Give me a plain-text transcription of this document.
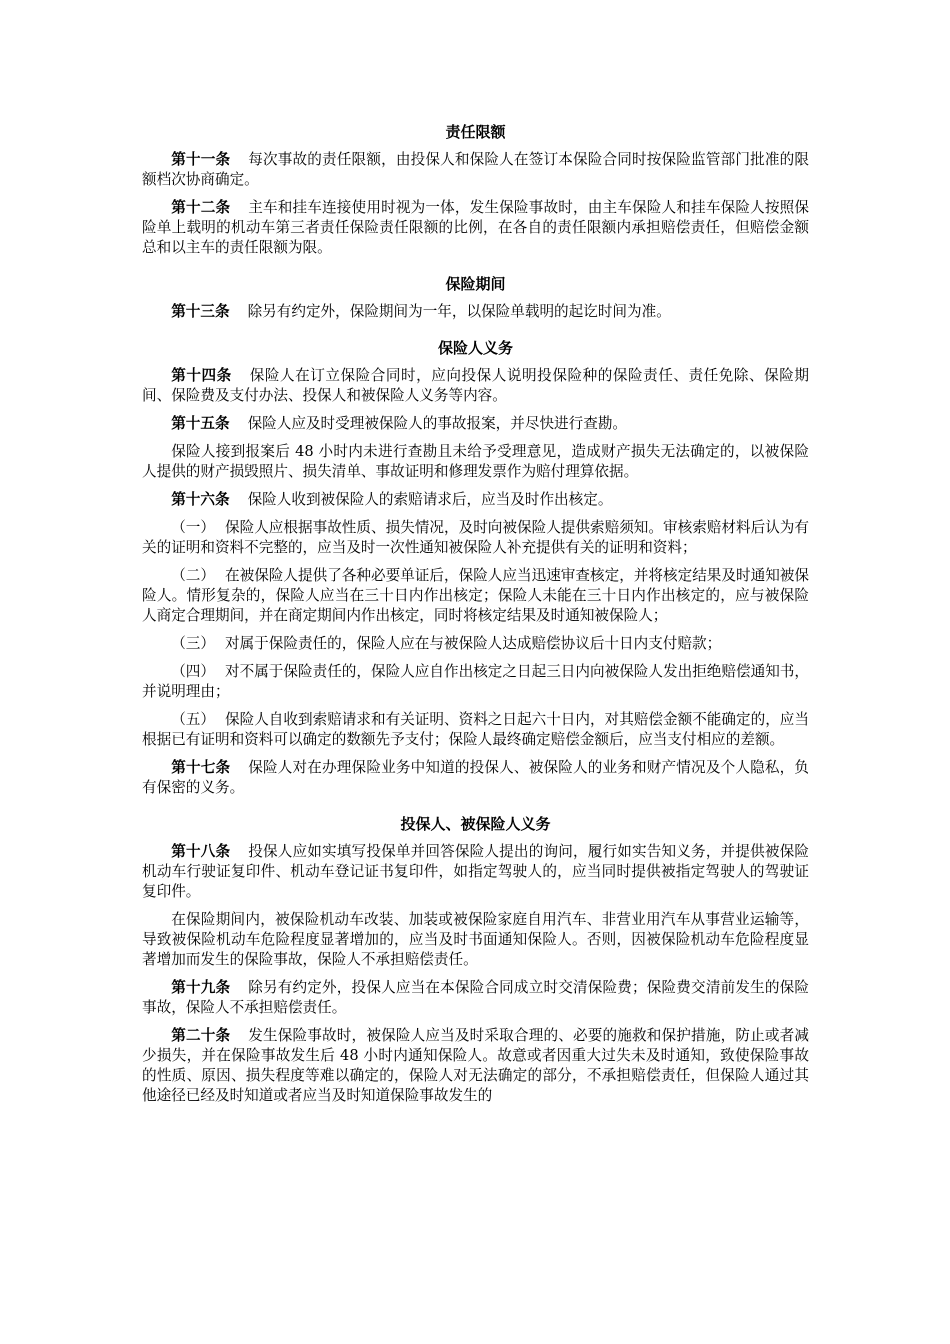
责任限额

第十一条 每次事故的责任限额，由投保人和保险人在签订本保险合同时按保险监管部门批准的限额档次协商确定。

第十二条 主车和挂车连接使用时视为一体，发生保险事故时，由主车保险人和挂车保险人按照保险单上载明的机动车第三者责任保险责任限额的比例，在各自的责任限额内承担赔偿责任，但赔偿金额总和以主车的责任限额为限。

保险期间

第十三条 除另有约定外，保险期间为一年，以保险单载明的起讫时间为准。

保险人义务

第十四条 保险人在订立保险合同时，应向投保人说明投保险种的保险责任、责任免除、保险期间、保险费及支付办法、投保人和被保险人义务等内容。

第十五条 保险人应及时受理被保险人的事故报案，并尽快进行查勘。

保险人接到报案后 48 小时内未进行查勘且未给予受理意见，造成财产损失无法确定的，以被保险人提供的财产损毁照片、损失清单、事故证明和修理发票作为赔付理算依据。

第十六条 保险人收到被保险人的索赔请求后，应当及时作出核定。

（一） 保险人应根据事故性质、损失情况，及时向被保险人提供索赔须知。审核索赔材料后认为有关的证明和资料不完整的，应当及时一次性通知被保险人补充提供有关的证明和资料；

（二） 在被保险人提供了各种必要单证后，保险人应当迅速审查核定，并将核定结果及时通知被保险人。情形复杂的，保险人应当在三十日内作出核定；保险人未能在三十日内作出核定的，应与被保险人商定合理期间，并在商定期间内作出核定，同时将核定结果及时通知被保险人；

（三） 对属于保险责任的，保险人应在与被保险人达成赔偿协议后十日内支付赔款；

（四） 对不属于保险责任的，保险人应自作出核定之日起三日内向被保险人发出拒绝赔偿通知书，并说明理由；

（五） 保险人自收到索赔请求和有关证明、资料之日起六十日内，对其赔偿金额不能确定的，应当根据已有证明和资料可以确定的数额先予支付；保险人最终确定赔偿金额后，应当支付相应的差额。

第十七条 保险人对在办理保险业务中知道的投保人、被保险人的业务和财产情况及个人隐私，负有保密的义务。

投保人、被保险人义务

第十八条 投保人应如实填写投保单并回答保险人提出的询问，履行如实告知义务，并提供被保险机动车行驶证复印件、机动车登记证书复印件，如指定驾驶人的，应当同时提供被指定驾驶人的驾驶证复印件。

在保险期间内，被保险机动车改装、加装或被保险家庭自用汽车、非营业用汽车从事营业运输等，导致被保险机动车危险程度显著增加的，应当及时书面通知保险人。否则，因被保险机动车危险程度显著增加而发生的保险事故，保险人不承担赔偿责任。

第十九条 除另有约定外，投保人应当在本保险合同成立时交清保险费；保险费交清前发生的保险事故，保险人不承担赔偿责任。

第二十条 发生保险事故时，被保险人应当及时采取合理的、必要的施救和保护措施，防止或者减少损失，并在保险事故发生后 48 小时内通知保险人。故意或者因重大过失未及时通知，致使保险事故的性质、原因、损失程度等难以确定的，保险人对无法确定的部分，不承担赔偿责任，但保险人通过其他途径已经及时知道或者应当及时知道保险事故发生的
